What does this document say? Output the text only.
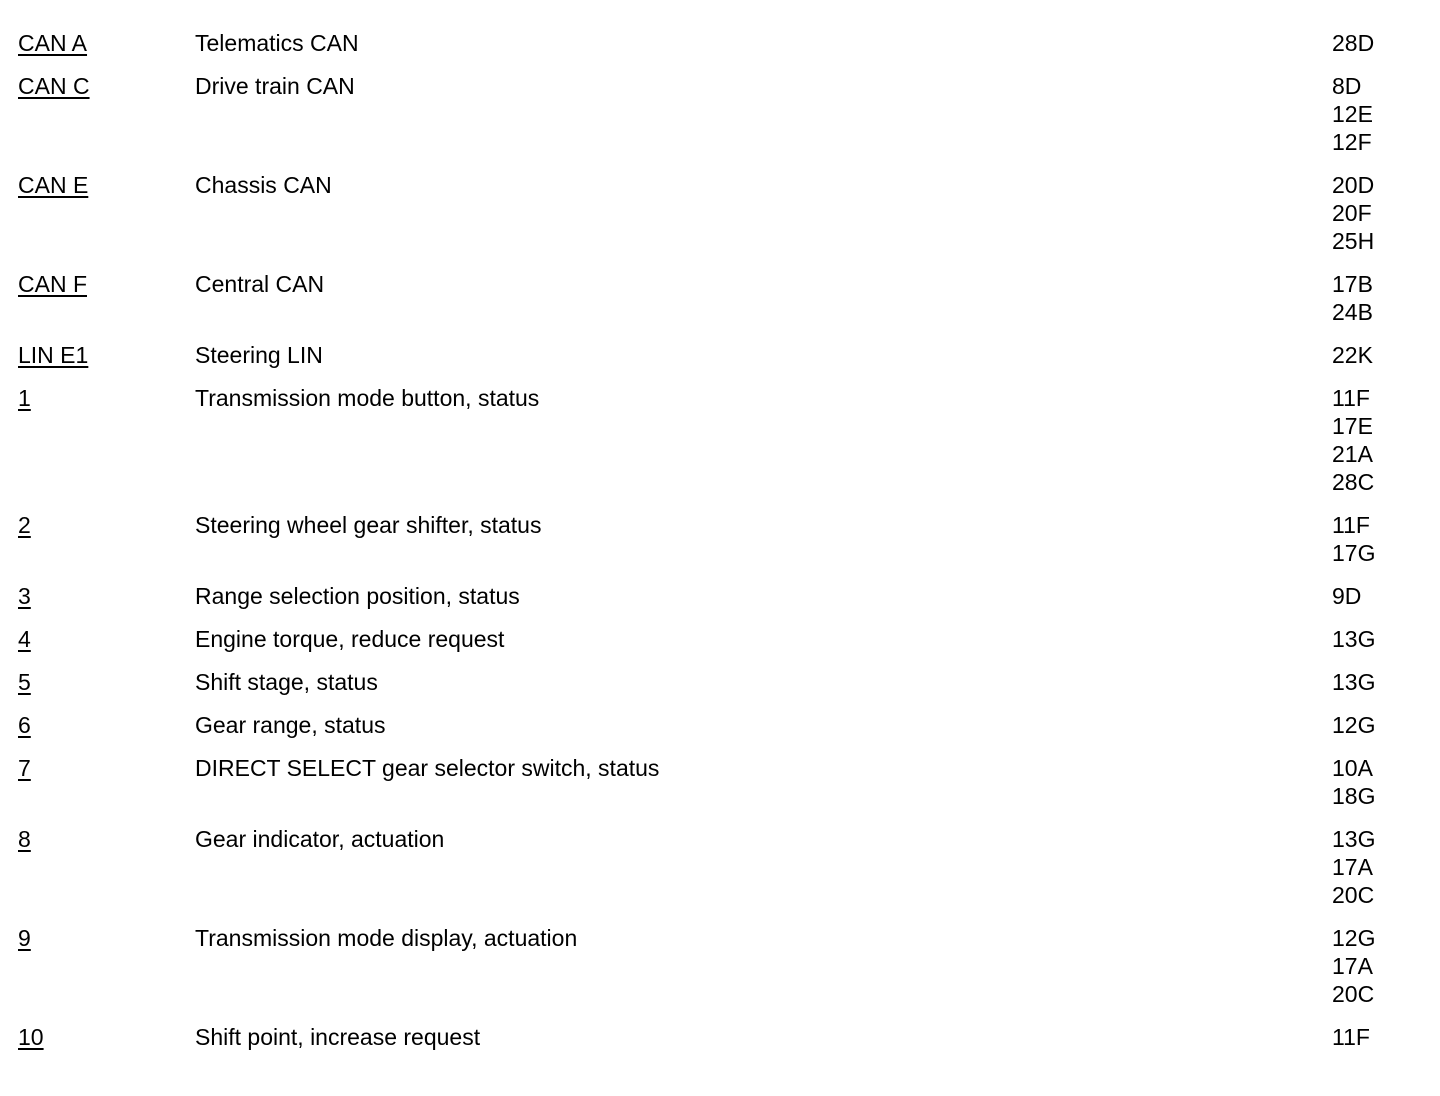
CAN A	Telematics CAN	28D
CAN C	Drive train CAN	8D
12E
12F
CAN E	Chassis CAN	20D
20F
25H
CAN F	Central CAN	17B
24B
LIN E1	Steering LIN	22K
1	Transmission mode button, status	11F
17E
21A
28C
2	Steering wheel gear shifter, status	11F
17G
3	Range selection position, status	9D
4	Engine torque, reduce request	13G
5	Shift stage, status	13G
6	Gear range, status	12G
7	DIRECT SELECT gear selector switch, status	10A
18G
8	Gear indicator, actuation	13G
17A
20C
9	Transmission mode display, actuation	12G
17A
20C
10	Shift point, increase request	11F
